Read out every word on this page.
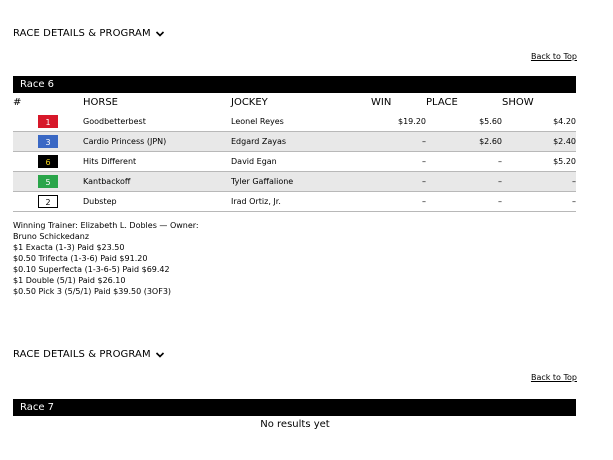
RACE DETAILS & PROGRAM
Back to Top
Race 6
#	HORSE	JOCKEY	WIN	PLACE	SHOW
1	Goodbetterbest	Leonel Reyes	$19.20	$5.60	$4.20
3	Cardio Princess (JPN)	Edgard Zayas	–	$2.60	$2.40
6	Hits Different	David Egan	–	–	$5.20
5	Kantbackoff	Tyler Gaffalione	–	–	–
2	Dubstep	Irad Ortiz, Jr.	–	–	–
Winning Trainer: Elizabeth L. Dobles — Owner:
Bruno Schickedanz
$1 Exacta (1-3) Paid $23.50
$0.50 Trifecta (1-3-6) Paid $91.20
$0.10 Superfecta (1-3-6-5) Paid $69.42
$1 Double (5/1) Paid $26.10
$0.50 Pick 3 (5/5/1) Paid $39.50 (3OF3)
RACE DETAILS & PROGRAM
Back to Top
Race 7
No results yet
